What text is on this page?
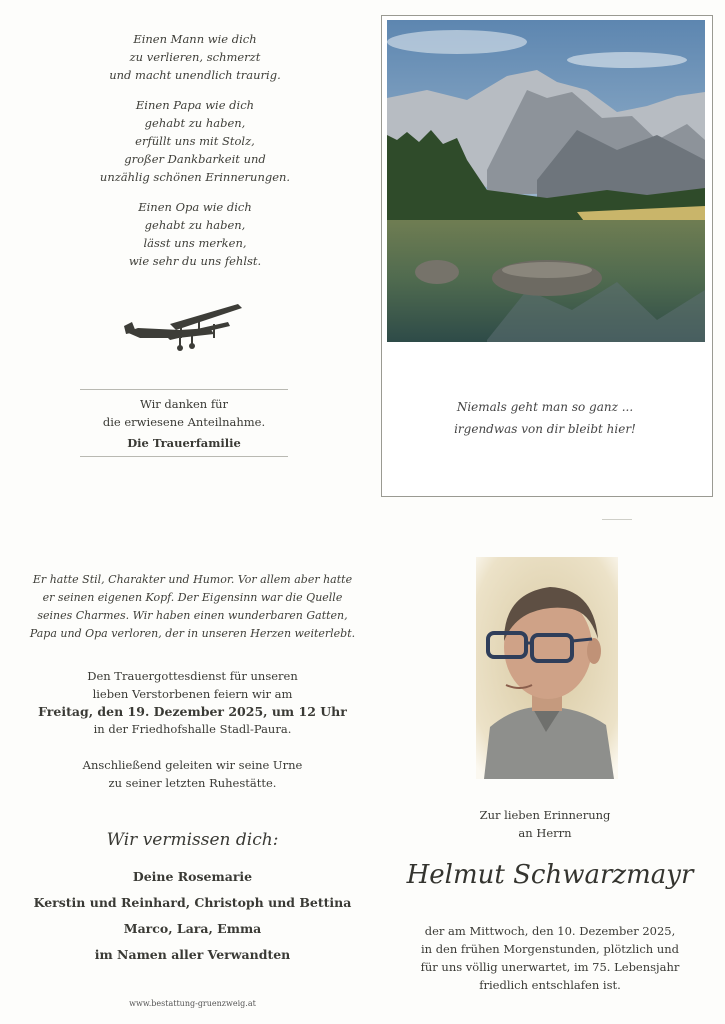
Einen Mann wie dich
zu verlieren, schmerzt
und macht unendlich traurig.
Einen Papa wie dich
gehabt zu haben,
erfüllt uns mit Stolz,
großer Dankbarkeit und
unzählig schönen Erinnerungen.
Einen Opa wie dich
gehabt zu haben,
lässt uns merken,
wie sehr du uns fehlst.
Wir danken für
die erwiesene Anteilnahme.
Die Trauerfamilie
Niemals geht man so ganz ...
irgendwas von dir bleibt hier!
Er hatte Stil, Charakter und Humor. Vor allem aber hatte
er seinen eigenen Kopf. Der Eigensinn war die Quelle
seines Charmes. Wir haben einen wunderbaren Gatten,
Papa und Opa verloren, der in unseren Herzen weiterlebt.
Den Trauergottesdienst für unseren
lieben Verstorbenen feiern wir am
Freitag, den 19. Dezember 2025, um 12 Uhr
in der Friedhofshalle Stadl-Paura.
Anschließend geleiten wir seine Urne
zu seiner letzten Ruhestätte.
Wir vermissen dich:
Deine Rosemarie
Kerstin und Reinhard, Christoph und Bettina
Marco, Lara, Emma
im Namen aller Verwandten
www.bestattung-gruenzweig.at
Zur lieben Erinnerung
an Herrn
Helmut Schwarzmayr
der am Mittwoch, den 10. Dezember 2025,
in den frühen Morgenstunden, plötzlich und
für uns völlig unerwartet, im 75. Lebensjahr
friedlich entschlafen ist.
